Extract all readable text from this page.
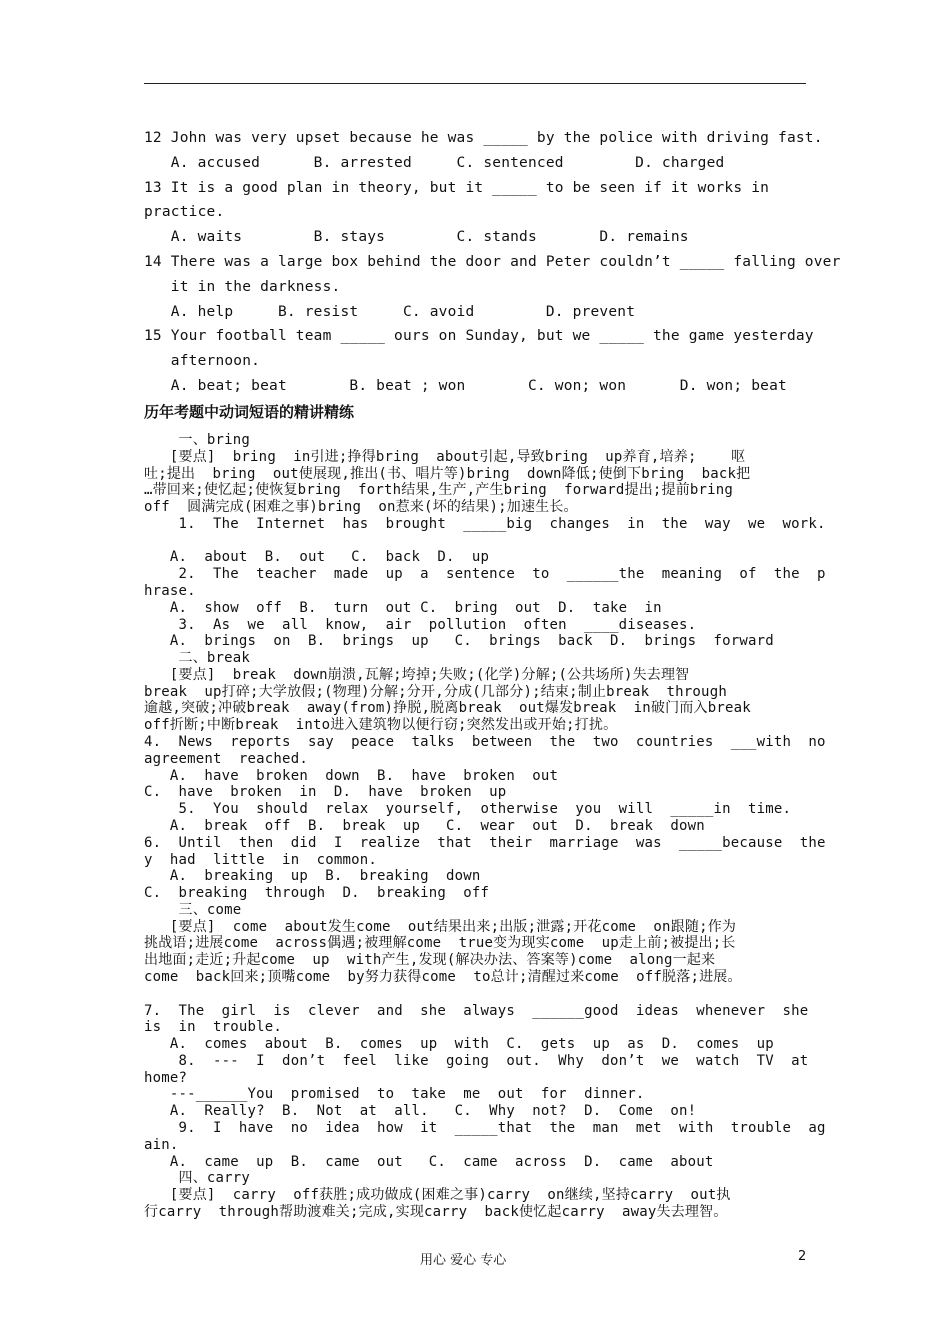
12 John was very upset because he was _____ by the police with driving fast.
A. accused      B. arrested     C. sentenced        D. charged
13 It is a good plan in theory, but it _____ to be seen if it works in
practice.
A. waits        B. stays        C. stands       D. remains
14 There was a large box behind the door and Peter couldn’t _____ falling over
it in the darkness.
A. help     B. resist     C. avoid        D. prevent
15 Your football team _____ ours on Sunday, but we _____ the game yesterday
afternoon.
A. beat; beat       B. beat ; won       C. won; won      D. won; beat
历年考题中动词短语的精讲精练
一、bring
[要点]  bring  in引进;挣得bring  about引起,导致bring  up养育,培养;    呕
吐;提出  bring  out使展现,推出(书、唱片等)bring  down降低;使倒下bring  back把
…带回来;使忆起;使恢复bring  forth结果,生产,产生bring  forward提出;提前bring
off  圆满完成(困难之事)bring  on惹来(坏的结果);加速生长。
1.  The  Internet  has  brought  _____big  changes  in  the  way  we  work.
A.  about  B.  out   C.  back  D.  up
2.  The  teacher  made  up  a  sentence  to  ______the  meaning  of  the  p
hrase.
A.  show  off  B.  turn  out C.  bring  out  D.  take  in
3.  As  we  all  know,  air  pollution  often  ____diseases.
A.  brings  on  B.  brings  up   C.  brings  back  D.  brings  forward
二、break
[要点]  break  down崩溃,瓦解;垮掉;失败;(化学)分解;(公共场所)失去理智
break  up打碎;大学放假;(物理)分解;分开,分成(几部分);结束;制止break  through
逾越,突破;冲破break  away(from)挣脱,脱离break  out爆发break  in破门而入break
off折断;中断break  into进入建筑物以便行窃;突然发出或开始;打扰。
4.  News  reports  say  peace  talks  between  the  two  countries  ___with  no
agreement  reached.
A.  have  broken  down  B.  have  broken  out
C.  have  broken  in  D.  have  broken  up
5.  You  should  relax  yourself,  otherwise  you  will  _____in  time.
A.  break  off  B.  break  up   C.  wear  out  D.  break  down
6.  Until  then  did  I  realize  that  their  marriage  was  _____because  the
y  had  little  in  common.
A.  breaking  up  B.  breaking  down
C.  breaking  through  D.  breaking  off
三、come
[要点]  come  about发生come  out结果出来;出版;泄露;开花come  on跟随;作为
挑战语;进展come  across偶遇;被理解come  true变为现实come  up走上前;被提出;长
出地面;走近;升起come  up  with产生,发现(解决办法、答案等)come  along一起来
come  back回来;顶嘴come  by努力获得come  to总计;清醒过来come  off脱落;进展。
7.  The  girl  is  clever  and  she  always  ______good  ideas  whenever  she
is  in  trouble.
A.  comes  about  B.  comes  up  with  C.  gets  up  as  D.  comes  up
8.  ---  I  don’t  feel  like  going  out.  Why  don’t  we  watch  TV  at
home?
---______You  promised  to  take  me  out  for  dinner.
A.  Really?  B.  Not  at  all.   C.  Why  not?  D.  Come  on!
9.  I  have  no  idea  how  it  _____that  the  man  met  with  trouble  ag
ain.
A.  came  up  B.  came  out   C.  came  across  D.  came  about
四、carry
[要点]  carry  off获胜;成功做成(困难之事)carry  on继续,坚持carry  out执
行carry  through帮助渡难关;完成,实现carry  back使忆起carry  away失去理智。
用心 爱心 专心	2
